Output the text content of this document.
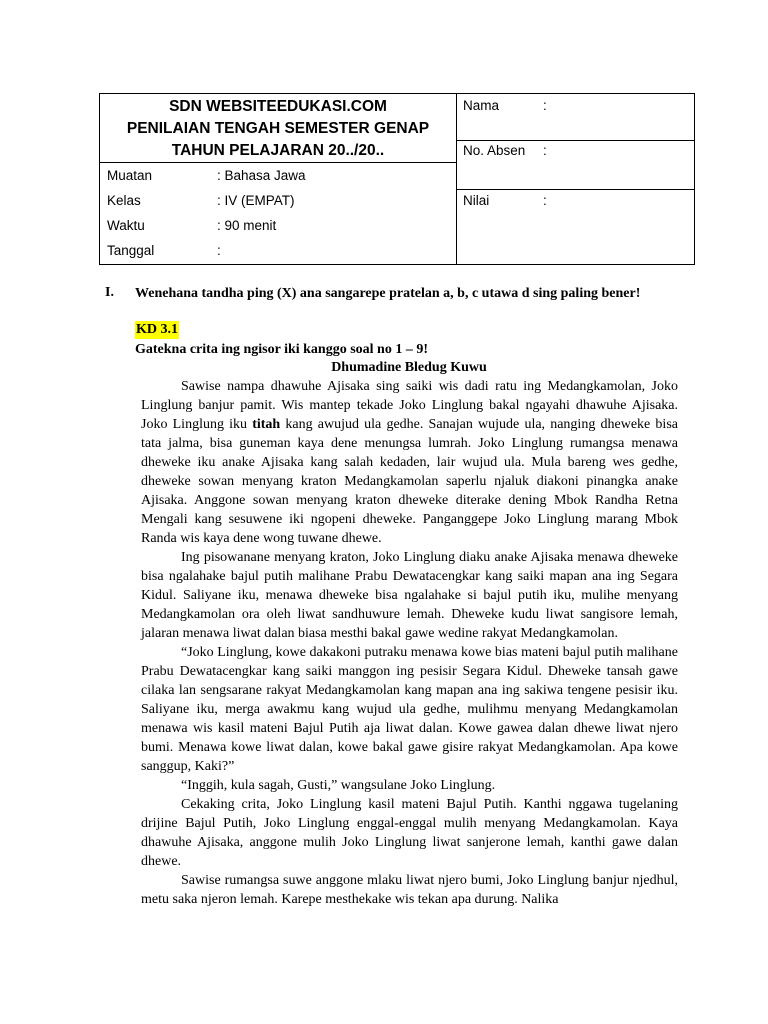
SDN WEBSITEEDUKASI.COM
PENILAIAN TENGAH SEMESTER GENAP
TAHUN PELAJARAN 20../20..
Muatan	: Bahasa Jawa
Kelas	: IV (EMPAT)
Waktu	: 90 menit
Tanggal	:
Nama	:
No. Absen :
Nilai	:
I. Wenehana tandha ping (X) ana sangarepe pratelan a, b, c utawa d sing paling bener!
KD 3.1
Gatekna crita ing ngisor iki kanggo soal no 1 – 9!
Dhumadine Bledug Kuwu

Sawise nampa dhawuhe Ajisaka sing saiki wis dadi ratu ing Medangkamolan, Joko Linglung banjur pamit. Wis mantep tekade Joko Linglung bakal ngayahi dhawuhe Ajisaka. Joko Linglung iku titah kang awujud ula gedhe. Sanajan wujude ula, nanging dheweke bisa tata jalma, bisa guneman kaya dene menungsa lumrah. Joko Linglung rumangsa menawa dheweke iku anake Ajisaka kang salah kedaden, lair wujud ula. Mula bareng wes gedhe, dheweke sowan menyang kraton Medangkamolan saperlu njaluk diakoni pinangka anake Ajisaka. Anggone sowan menyang kraton dheweke diterake dening Mbok Randha Retna Mengali kang sesuwene iki ngopeni dheweke. Panganggepe Joko Linglung marang Mbok Randa wis kaya dene wong tuwane dhewe.

Ing pisowanane menyang kraton, Joko Linglung diaku anake Ajisaka menawa dheweke bisa ngalahake bajul putih malihane Prabu Dewatacengkar kang saiki mapan ana ing Segara Kidul. Saliyane iku, menawa dheweke bisa ngalahake si bajul putih iku, mulihe menyang Medangkamolan ora oleh liwat sandhuwure lemah. Dheweke kudu liwat sangisore lemah, jalaran menawa liwat dalan biasa mesthi bakal gawe wedine rakyat Medangkamolan.

“Joko Linglung, kowe dakakoni putraku menawa kowe bias mateni bajul putih malihane Prabu Dewatacengkar kang saiki manggon ing pesisir Segara Kidul. Dheweke tansah gawe cilaka lan sengsarane rakyat Medangkamolan kang mapan ana ing sakiwa tengene pesisir iku. Saliyane iku, merga awakmu kang wujud ula gedhe, mulihmu menyang Medangkamolan menawa wis kasil mateni Bajul Putih aja liwat dalan. Kowe gawea dalan dhewe liwat njero bumi. Menawa kowe liwat dalan, kowe bakal gawe gisire rakyat Medangkamolan. Apa kowe sanggup, Kaki?”

“Inggih, kula sagah, Gusti,” wangsulane Joko Linglung.

Cekaking crita, Joko Linglung kasil mateni Bajul Putih. Kanthi nggawa tugelaning drijine Bajul Putih, Joko Linglung enggal-enggal mulih menyang Medangkamolan. Kaya dhawuhe Ajisaka, anggone mulih Joko Linglung liwat sanjerone lemah, kanthi gawe dalan dhewe.

Sawise rumangsa suwe anggone mlaku liwat njero bumi, Joko Linglung banjur njedhul, metu saka njeron lemah. Karepe mesthekake wis tekan apa durung. Nalika
